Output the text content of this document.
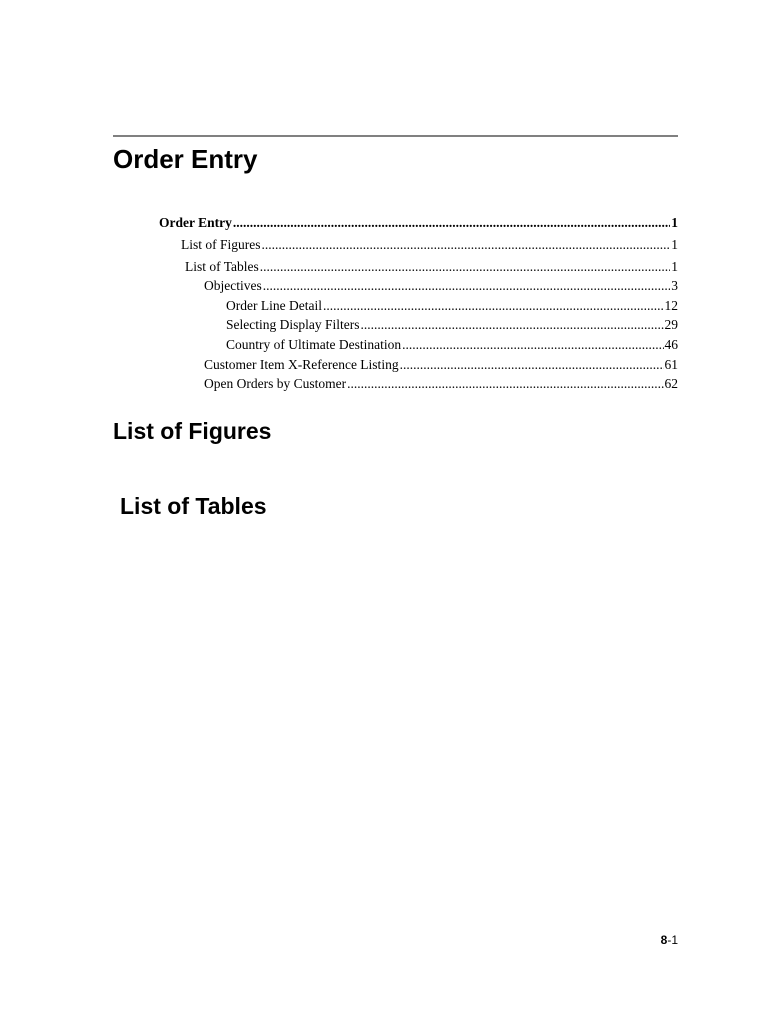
Order Entry
Order Entry .....	1
List of Figures .....	1
List of Tables .....	1
Objectives .....	3
Order Line Detail .....	12
Selecting Display Filters .....	29
Country of Ultimate Destination .....	46
Customer Item X-Reference Listing .....	61
Open Orders by Customer .....	62
List of Figures
List of Tables
8-1
